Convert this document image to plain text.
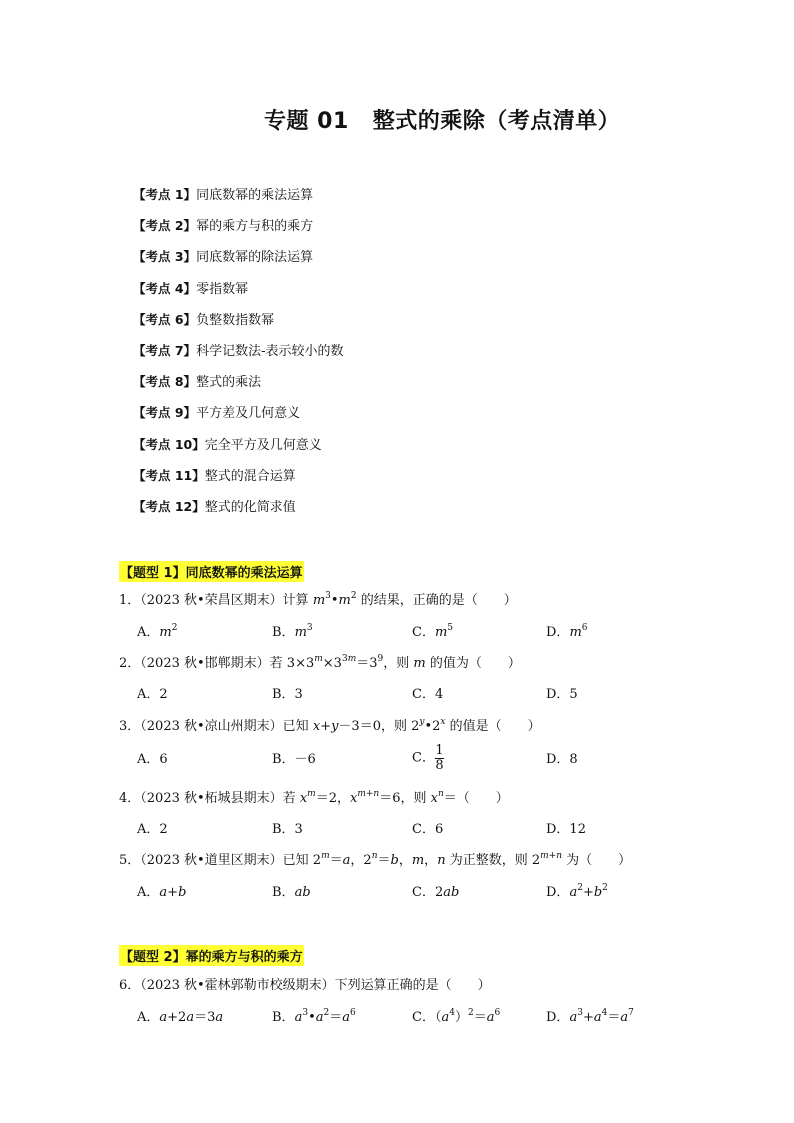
专题 01 整式的乘除（考点清单）
【考点 1】同底数幂的乘法运算
【考点 2】幂的乘方与积的乘方
【考点 3】同底数幂的除法运算
【考点 4】零指数幂
【考点 6】负整数指数幂
【考点 7】科学记数法-表示较小的数
【考点 8】整式的乘法
【考点 9】平方差及几何意义
【考点 10】完全平方及几何意义
【考点 11】整式的混合运算
【考点 12】整式的化简求值
【题型 1】同底数幂的乘法运算
1．（2023 秋•荣昌区期末）计算 $m^3•m^2$ 的结果，正确的是（　　）
A．$m^2$	B．$m^3$	C．$m^5$	D．$m^6$
2．（2023 秋•邯郸期末）若 $3\times 3^m\times 3^{3m}=3^9$，则 m 的值为（　　）
A．2	B．3	C．4	D．5
3．（2023 秋•凉山州期末）已知 x+y－3＝0，则 2$^y$•2$^x$ 的值是（　　）
A．6	B．－6	C． $\frac{1}{8}$	D．8
4．（2023 秋•柘城县期末）若 $x^m=2$，$x^{m+n}=6$，则 $x^n=$（　　）
A．2	B．3	C．6	D．12
5．（2023 秋•道里区期末）已知 $2^m=a$，$2^n=b$，m，n 为正整数，则 $2^{m+n}$ 为（　　）
A．a+b	B．ab	C．2ab	D．$a^2+b^2$
【题型 2】幂的乘方与积的乘方
6．（2023 秋•霍林郭勒市校级期末）下列运算正确的是（　　）
A．a+2a＝3a	B．$a^3•a^2=a^6$	C．$(a^4)^2=a^6$	D．$a^3+a^4=a^7$
